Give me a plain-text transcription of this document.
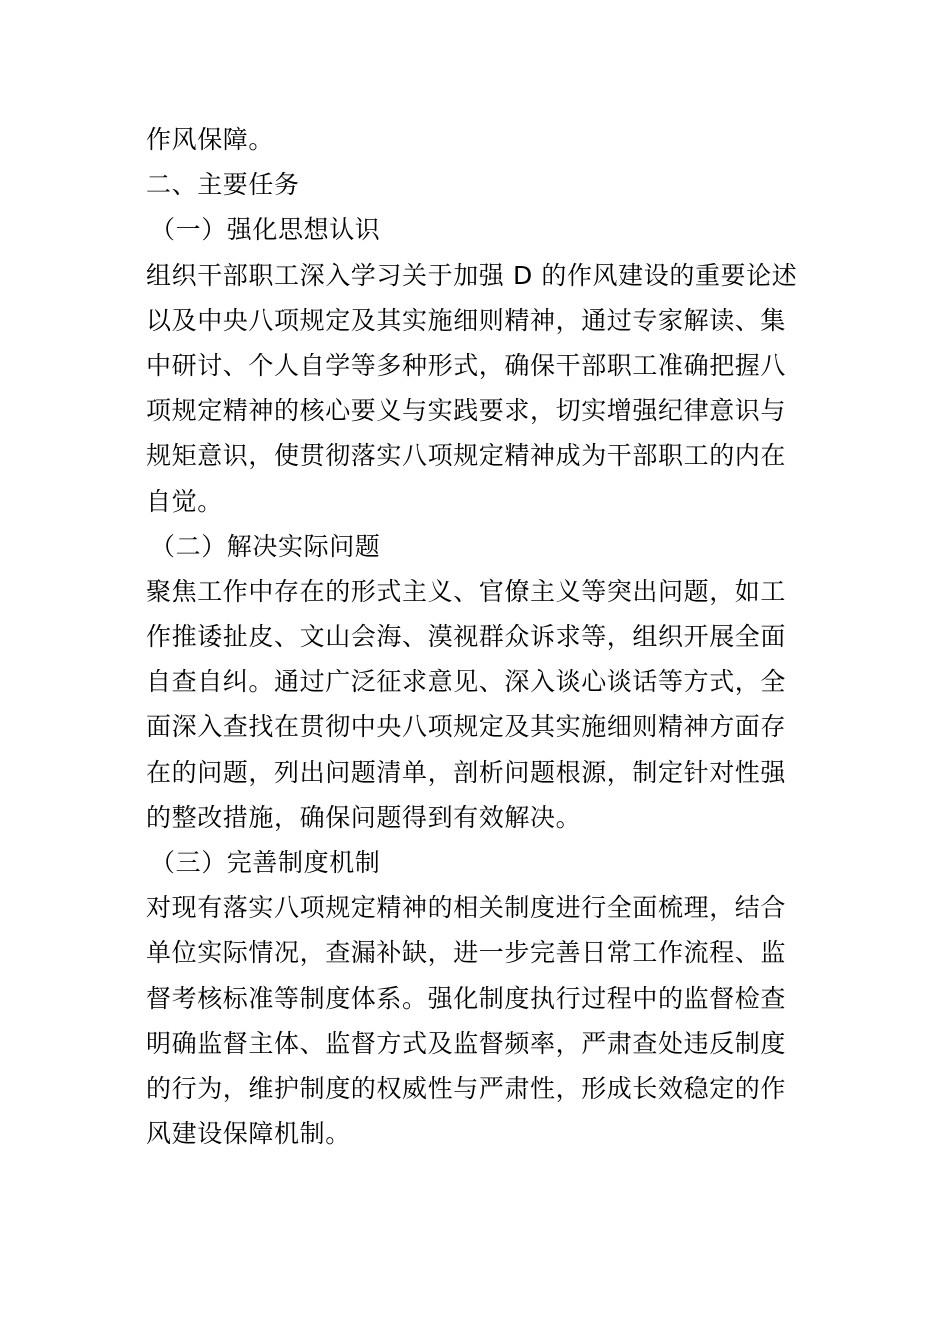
作风保障。
二、主要任务
（一）强化思想认识
组织干部职工深入学习关于加强 D 的作风建设的重要论述
以及中央八项规定及其实施细则精神，通过专家解读、集
中研讨、个人自学等多种形式，确保干部职工准确把握八
项规定精神的核心要义与实践要求，切实增强纪律意识与
规矩意识，使贯彻落实八项规定精神成为干部职工的内在
自觉。
（二）解决实际问题
聚焦工作中存在的形式主义、官僚主义等突出问题，如工
作推诿扯皮、文山会海、漠视群众诉求等，组织开展全面
自查自纠。通过广泛征求意见、深入谈心谈话等方式，全
面深入查找在贯彻中央八项规定及其实施细则精神方面存
在的问题，列出问题清单，剖析问题根源，制定针对性强
的整改措施，确保问题得到有效解决。
（三）完善制度机制
对现有落实八项规定精神的相关制度进行全面梳理，结合
单位实际情况，查漏补缺，进一步完善日常工作流程、监
督考核标准等制度体系。强化制度执行过程中的监督检查
明确监督主体、监督方式及监督频率，严肃查处违反制度
的行为，维护制度的权威性与严肃性，形成长效稳定的作
风建设保障机制。
